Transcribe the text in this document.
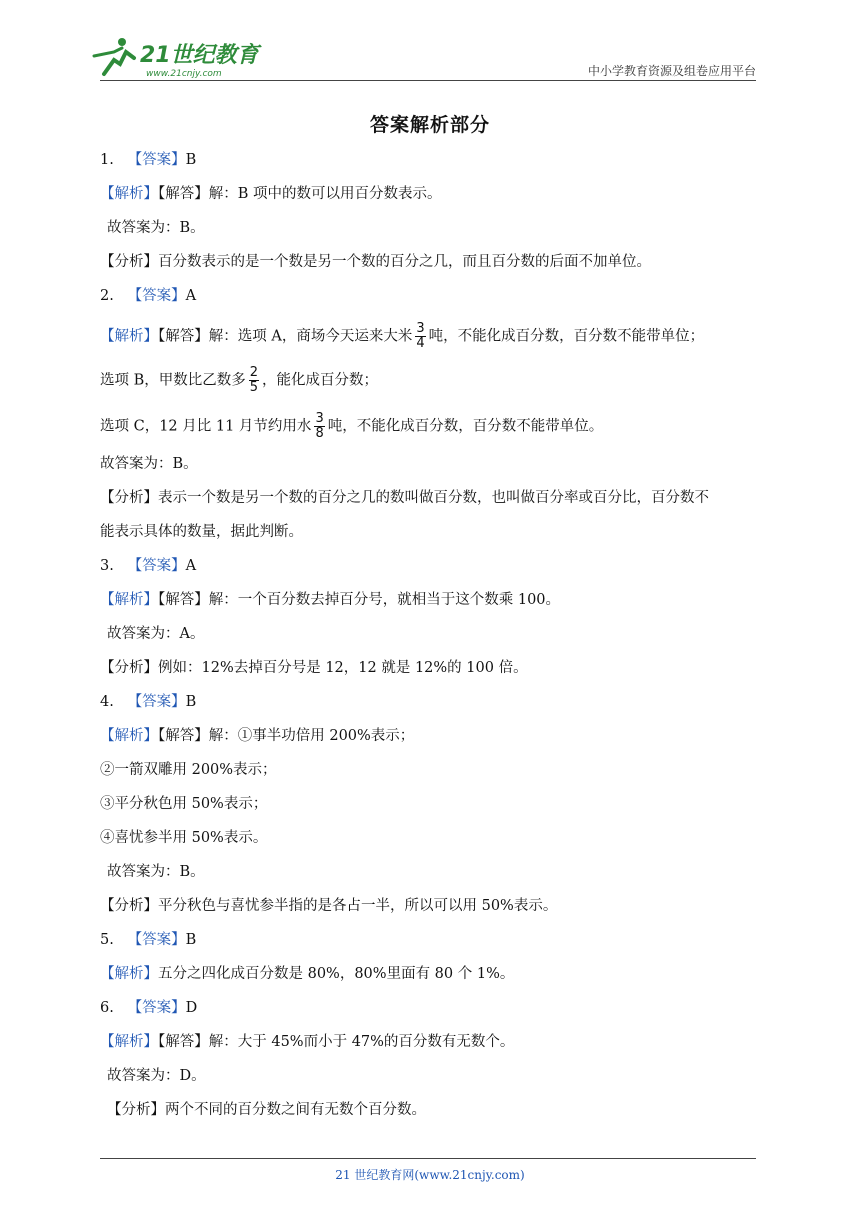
21世纪教育
www.21cnjy.com	中小学教育资源及组卷应用平台
答案解析部分
1. 【答案】B
【解析】【解答】解：B 项中的数可以用百分数表示。
故答案为：B。
【分析】百分数表示的是一个数是另一个数的百分之几，而且百分数的后面不加单位。
2. 【答案】A
【解析】【解答】解：选项 A，商场今天运来大米 $\frac{3}{4}$ 吨，不能化成百分数，百分数不能带单位；
选项 B，甲数比乙数多 $\frac{2}{5}$ ，能化成百分数；
选项 C，12 月比 11 月节约用水 $\frac{3}{8}$ 吨，不能化成百分数，百分数不能带单位。
故答案为：B。
【分析】表示一个数是另一个数的百分之几的数叫做百分数，也叫做百分率或百分比，百分数不
能表示具体的数量，据此判断。
3. 【答案】A
【解析】【解答】解：一个百分数去掉百分号，就相当于这个数乘 100。
故答案为：A。
【分析】例如：12%去掉百分号是 12，12 就是 12%的 100 倍。
4. 【答案】B
【解析】【解答】解：①事半功倍用 200%表示；
②一箭双雕用 200%表示；
③平分秋色用 50%表示；
④喜忧参半用 50%表示。
故答案为：B。
【分析】平分秋色与喜忧参半指的是各占一半，所以可以用 50%表示。
5. 【答案】B
【解析】五分之四化成百分数是 80%，80%里面有 80 个 1%。
6. 【答案】D
【解析】【解答】解：大于 45%而小于 47%的百分数有无数个。
故答案为：D。
【分析】两个不同的百分数之间有无数个百分数。
21 世纪教育网(www.21cnjy.com)
